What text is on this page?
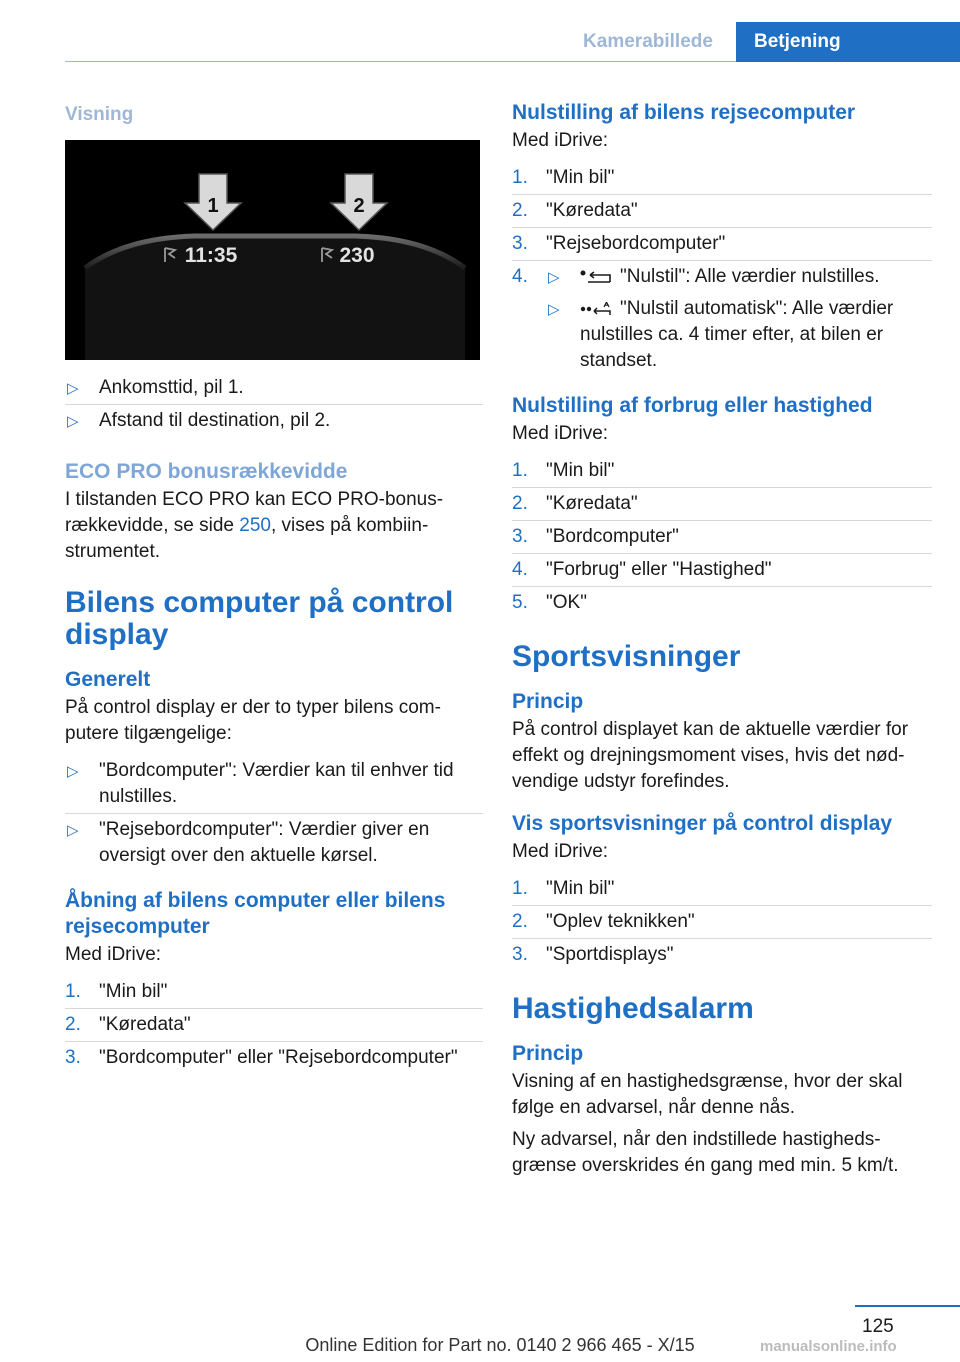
Kamerabillede	Betjening
Visning
1	2
11:35	230
▷ Ankomsttid, pil 1.
▷ Afstand til destination, pil 2.
ECO PRO bonusrækkevidde

I tilstanden ECO PRO kan ECO PRO-bonus-rækkevidde, se side 250, vises på kombiin-strumentet.

Bilens computer på control display
Generelt

På control display er der to typer bilens com-putere tilgængelige:

▷ "Bordcomputer": Værdier kan til enhver tid nulstilles.
▷ "Rejsebordcomputer": Værdier giver en oversigt over den aktuelle kørsel.
Åbning af bilens computer eller bilens rejsecomputer

Med iDrive:

1. "Min bil"
2. "Køredata"
3. "Bordcomputer" eller "Rejsebordcomputer"
Nulstilling af bilens rejsecomputer

Med iDrive:

1. "Min bil"
2. "Køredata"
3. "Rejsebordcomputer"
4. ▷	"Nulstil": Alle værdier nulstilles.
▷	"Nulstil automatisk": Alle værdier nulstilles ca. 4 timer efter, at bilen er standset.
Nulstilling af forbrug eller hastighed

Med iDrive:

1. "Min bil"
2. "Køredata"
3. "Bordcomputer"
4. "Forbrug" eller "Hastighed"
5. "OK"
Sportsvisninger
Princip

På control displayet kan de aktuelle værdier for effekt og drejningsmoment vises, hvis det nød-vendige udstyr forefindes.

Vis sportsvisninger på control display

Med iDrive:

1. "Min bil"
2. "Oplev teknikken"
3. "Sportdisplays"
Hastighedsalarm
Princip

Visning af en hastighedsgrænse, hvor der skal følge en advarsel, når denne nås.

Ny advarsel, når den indstillede hastigheds-grænse overskrides én gang med min. 5 km/t.

125
Online Edition for Part no. 0140 2 966 465 - X/15	manualsonline.info
